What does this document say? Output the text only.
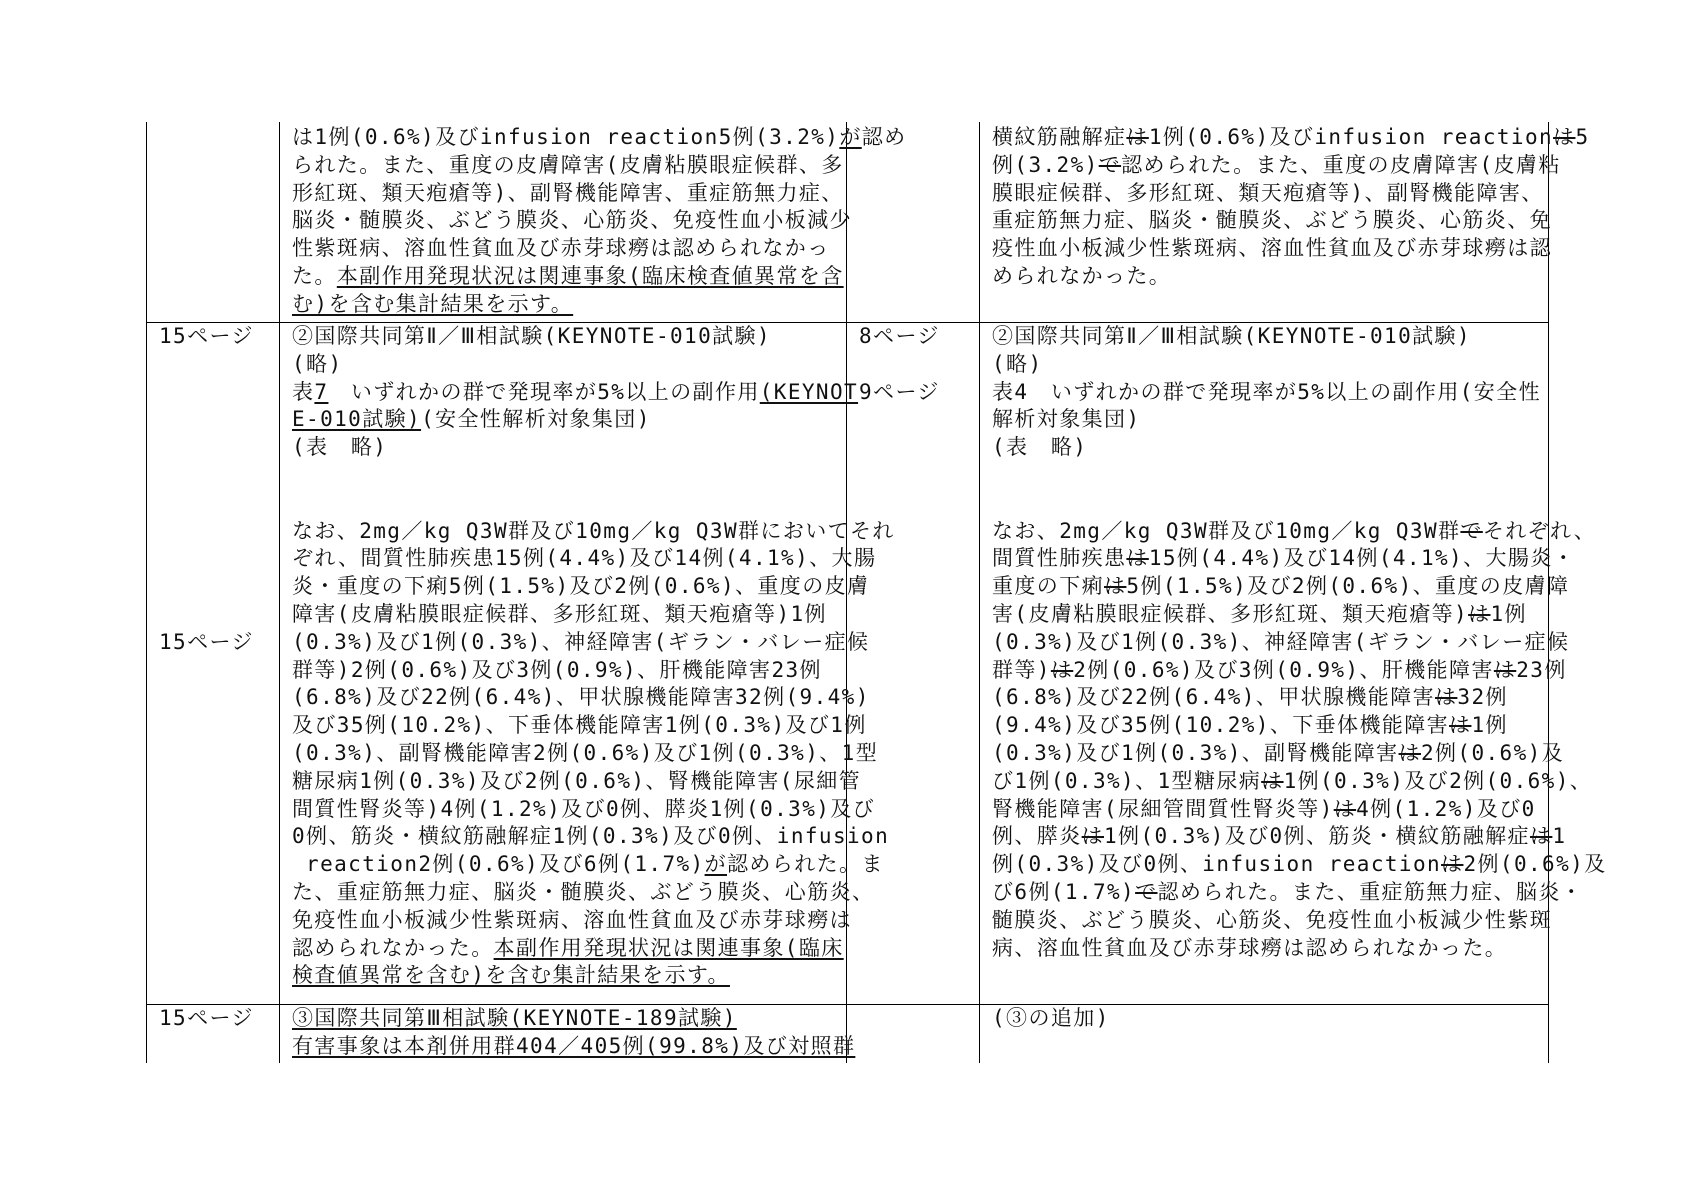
は1例(0.6%)及びinfusion reaction5例(3.2%)が認め
られた。また、重度の皮膚障害(皮膚粘膜眼症候群、多
形紅斑、類天疱瘡等)、副腎機能障害、重症筋無力症、
脳炎・髄膜炎、ぶどう膜炎、心筋炎、免疫性血小板減少
性紫斑病、溶血性貧血及び赤芽球癆は認められなかっ
た。本副作用発現状況は関連事象(臨床検査値異常を含
む)を含む集計結果を示す。
横紋筋融解症は1例(0.6%)及びinfusion reactionは5
例(3.2%)で認められた。また、重度の皮膚障害(皮膚粘
膜眼症候群、多形紅斑、類天疱瘡等)、副腎機能障害、
重症筋無力症、脳炎・髄膜炎、ぶどう膜炎、心筋炎、免
疫性血小板減少性紫斑病、溶血性貧血及び赤芽球癆は認
められなかった。
15ページ
15ページ
②国際共同第Ⅱ／Ⅲ相試験(KEYNOTE-010試験)
(略)
表7　いずれかの群で発現率が5%以上の副作用(KEYNOT
E-010試験)(安全性解析対象集団)
(表　略)
なお、2mg／kg Q3W群及び10mg／kg Q3W群においてそれ
ぞれ、間質性肺疾患15例(4.4%)及び14例(4.1%)、大腸
炎・重度の下痢5例(1.5%)及び2例(0.6%)、重度の皮膚
障害(皮膚粘膜眼症候群、多形紅斑、類天疱瘡等)1例
(0.3%)及び1例(0.3%)、神経障害(ギラン・バレー症候
群等)2例(0.6%)及び3例(0.9%)、肝機能障害23例
(6.8%)及び22例(6.4%)、甲状腺機能障害32例(9.4%)
及び35例(10.2%)、下垂体機能障害1例(0.3%)及び1例
(0.3%)、副腎機能障害2例(0.6%)及び1例(0.3%)、1型
糖尿病1例(0.3%)及び2例(0.6%)、腎機能障害(尿細管
間質性腎炎等)4例(1.2%)及び0例、膵炎1例(0.3%)及び
0例、筋炎・横紋筋融解症1例(0.3%)及び0例、infusion
reaction2例(0.6%)及び6例(1.7%)が認められた。ま
た、重症筋無力症、脳炎・髄膜炎、ぶどう膜炎、心筋炎、
免疫性血小板減少性紫斑病、溶血性貧血及び赤芽球癆は
認められなかった。本副作用発現状況は関連事象(臨床
検査値異常を含む)を含む集計結果を示す。
8ページ
9ページ
②国際共同第Ⅱ／Ⅲ相試験(KEYNOTE-010試験)
(略)
表4　いずれかの群で発現率が5%以上の副作用(安全性
解析対象集団)
(表　略)
なお、2mg／kg Q3W群及び10mg／kg Q3W群でそれぞれ、
間質性肺疾患は15例(4.4%)及び14例(4.1%)、大腸炎・
重度の下痢は5例(1.5%)及び2例(0.6%)、重度の皮膚障
害(皮膚粘膜眼症候群、多形紅斑、類天疱瘡等)は1例
(0.3%)及び1例(0.3%)、神経障害(ギラン・バレー症候
群等)は2例(0.6%)及び3例(0.9%)、肝機能障害は23例
(6.8%)及び22例(6.4%)、甲状腺機能障害は32例
(9.4%)及び35例(10.2%)、下垂体機能障害は1例
(0.3%)及び1例(0.3%)、副腎機能障害は2例(0.6%)及
び1例(0.3%)、1型糖尿病は1例(0.3%)及び2例(0.6%)、
腎機能障害(尿細管間質性腎炎等)は4例(1.2%)及び0
例、膵炎は1例(0.3%)及び0例、筋炎・横紋筋融解症は1
例(0.3%)及び0例、infusion reactionは2例(0.6%)及
び6例(1.7%)で認められた。また、重症筋無力症、脳炎・
髄膜炎、ぶどう膜炎、心筋炎、免疫性血小板減少性紫斑
病、溶血性貧血及び赤芽球癆は認められなかった。
15ページ ③国際共同第Ⅲ相試験(KEYNOTE-189試験)
有害事象は本剤併用群404／405例(99.8%)及び対照群
(③の追加)
